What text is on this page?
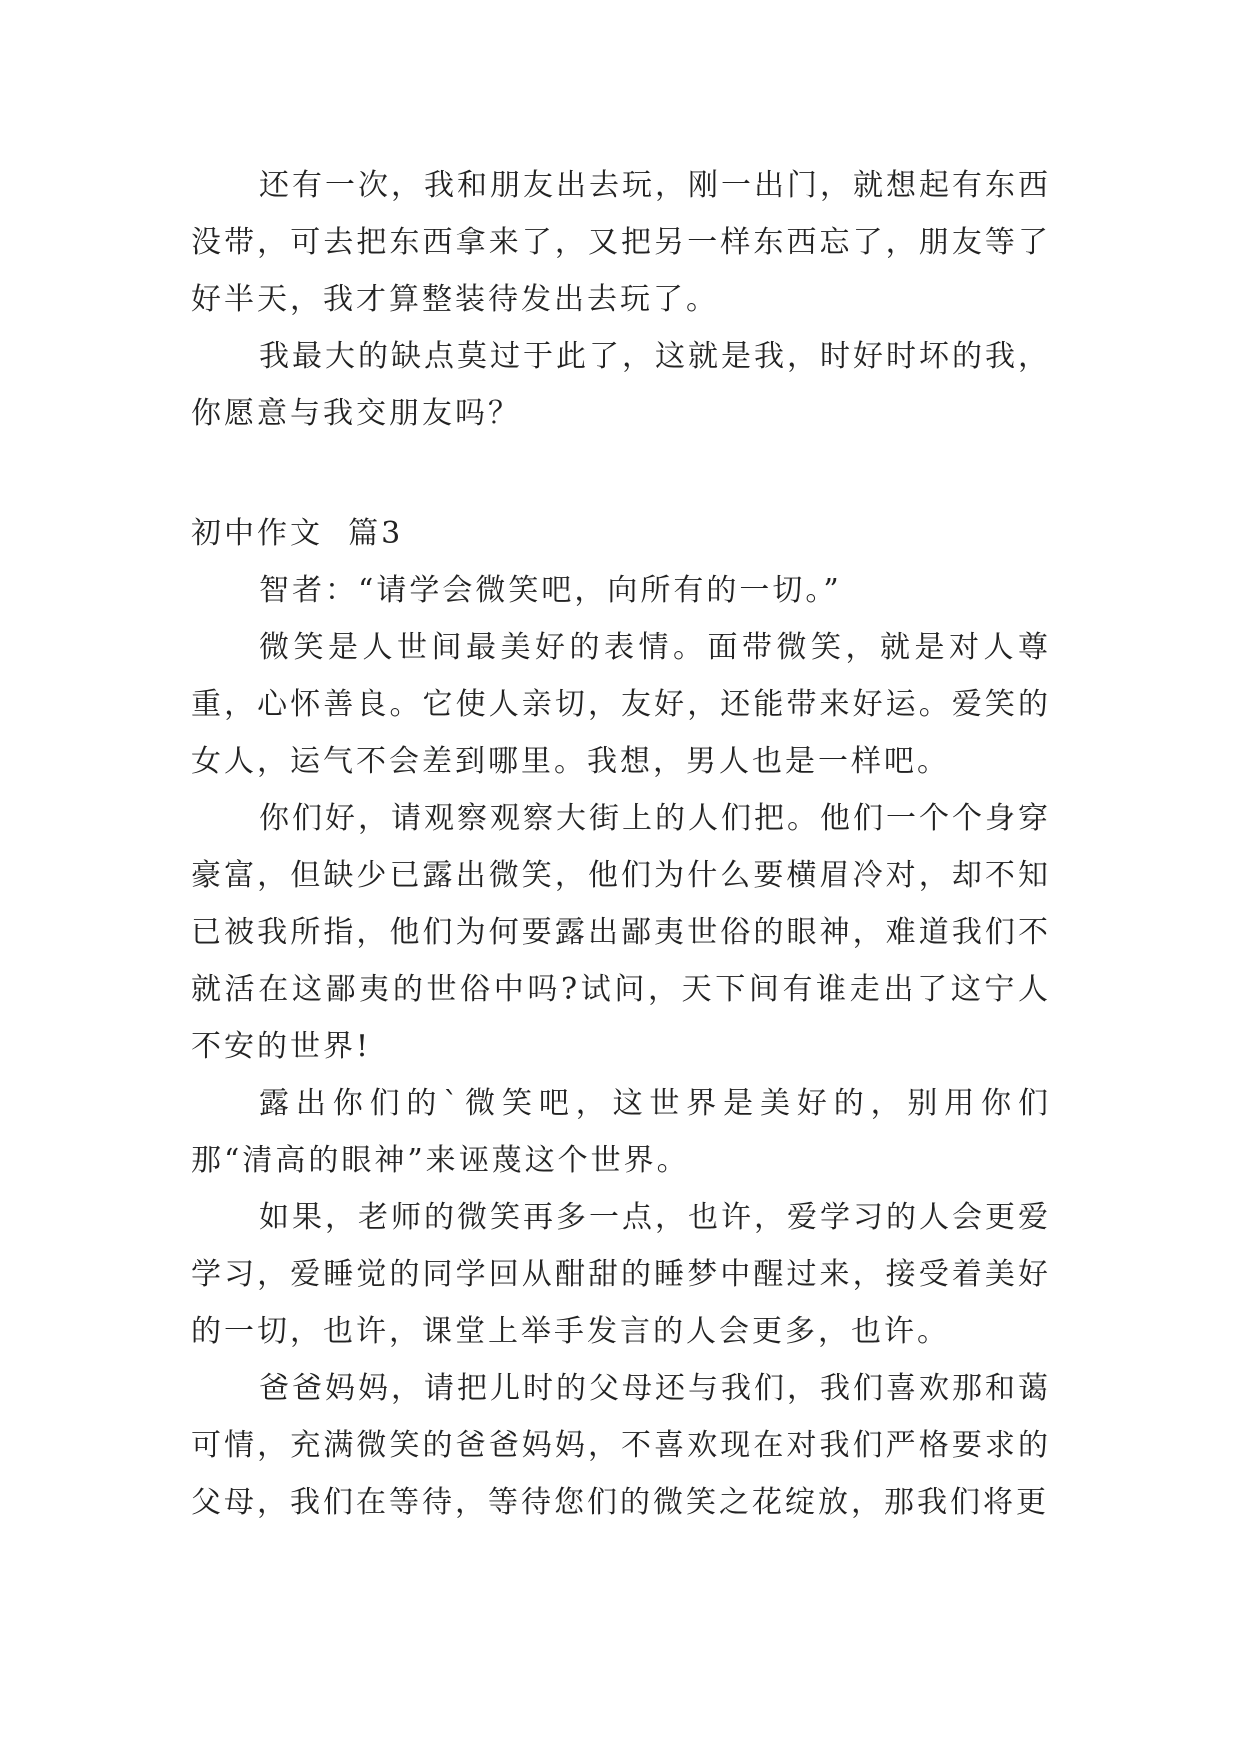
还有一次，我和朋友出去玩，刚一出门，就想起有东西没带，可去把东西拿来了，又把另一样东西忘了，朋友等了好半天，我才算整装待发出去玩了。

我最大的缺点莫过于此了，这就是我，时好时坏的我，你愿意与我交朋友吗？

初中作文  篇3

智者：“请学会微笑吧，向所有的一切。”

微笑是人世间最美好的表情。面带微笑，就是对人尊重，心怀善良。它使人亲切，友好，还能带来好运。爱笑的女人，运气不会差到哪里。我想，男人也是一样吧。

你们好，请观察观察大街上的人们把。他们一个个身穿豪富，但缺少已露出微笑，他们为什么要横眉冷对，却不知已被我所指，他们为何要露出鄙夷世俗的眼神，难道我们不就活在这鄙夷的世俗中吗?试问，天下间有谁走出了这宁人不安的世界!

露出你们的`微笑吧，这世界是美好的，别用你们那“清高的眼神”来诬蔑这个世界。

如果，老师的微笑再多一点，也许，爱学习的人会更爱学习，爱睡觉的同学回从酣甜的睡梦中醒过来，接受着美好的一切，也许，课堂上举手发言的人会更多，也许。

爸爸妈妈，请把儿时的父母还与我们，我们喜欢那和蔼可情，充满微笑的爸爸妈妈，不喜欢现在对我们严格要求的父母，我们在等待，等待您们的微笑之花绽放，那我们将更
